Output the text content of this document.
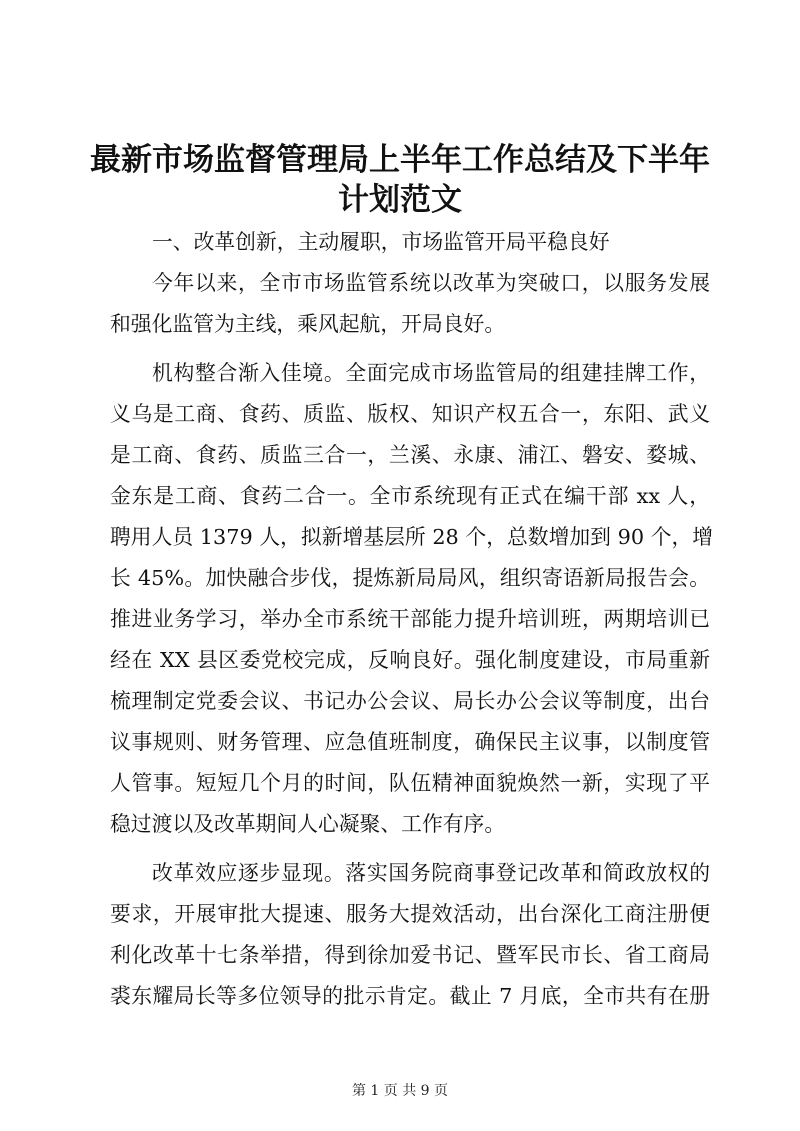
最新市场监督管理局上半年工作总结及下半年
计划范文
一、改革创新，主动履职，市场监管开局平稳良好
今年以来，全市市场监管系统以改革为突破口，以服务发展
和强化监管为主线，乘风起航，开局良好。
机构整合渐入佳境。全面完成市场监管局的组建挂牌工作，
义乌是工商、食药、质监、版权、知识产权五合一，东阳、武义
是工商、食药、质监三合一，兰溪、永康、浦江、磐安、婺城、
金东是工商、食药二合一。全市系统现有正式在编干部 xx 人，
聘用人员 1379 人，拟新增基层所 28 个，总数增加到 90 个，增
长 45%。加快融合步伐，提炼新局局风，组织寄语新局报告会。
推进业务学习，举办全市系统干部能力提升培训班，两期培训已
经在 XX 县区委党校完成，反响良好。强化制度建设，市局重新
梳理制定党委会议、书记办公会议、局长办公会议等制度，出台
议事规则、财务管理、应急值班制度，确保民主议事，以制度管
人管事。短短几个月的时间，队伍精神面貌焕然一新，实现了平
稳过渡以及改革期间人心凝聚、工作有序。
改革效应逐步显现。落实国务院商事登记改革和简政放权的
要求，开展审批大提速、服务大提效活动，出台深化工商注册便
利化改革十七条举措，得到徐加爱书记、暨军民市长、省工商局
裘东耀局长等多位领导的批示肯定。截止 7 月底，全市共有在册
第 1 页 共 9 页
